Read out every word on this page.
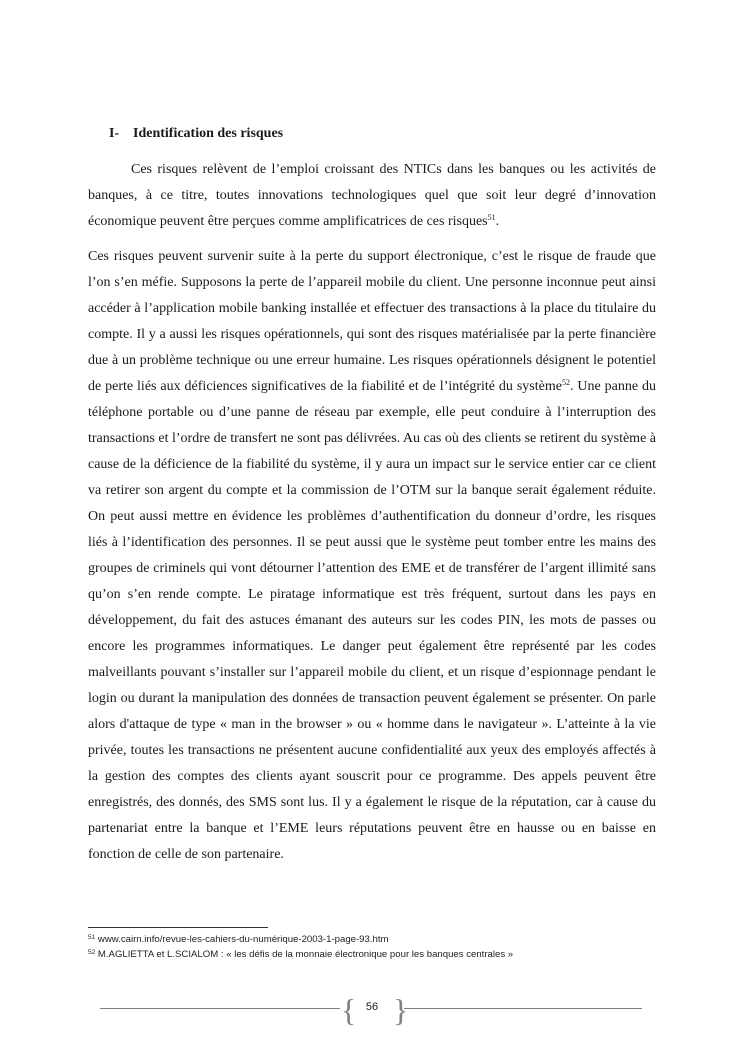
I- Identification des risques

Ces risques relèvent de l’emploi croissant des NTICs dans les banques ou les activités de banques, à ce titre, toutes innovations technologiques quel que soit leur degré d’innovation économique peuvent être perçues comme amplificatrices de ces risques$^{51}$.

Ces risques peuvent survenir suite à la perte du support électronique, c’est le risque de fraude que l’on s’en méfie. Supposons la perte de l’appareil mobile du client. Une personne inconnue peut ainsi accéder à l’application mobile banking installée et effectuer des transactions à la place du titulaire du compte. Il y a aussi les risques opérationnels, qui sont des risques matérialisée par la perte financière due à un problème technique ou une erreur humaine. Les risques opérationnels désignent le potentiel de perte liés aux déficiences significatives de la fiabilité et de l’intégrité du système$^{52}$. Une panne du téléphone portable ou d’une panne de réseau par exemple, elle peut conduire à l’interruption des transactions et l’ordre de transfert ne sont pas délivrées. Au cas où des clients se retirent du système à cause de la déficience de la fiabilité du système, il y aura un impact sur le service entier car ce client va retirer son argent du compte et la commission de l’OTM sur la banque serait également réduite. On peut aussi mettre en évidence les problèmes d’authentification du donneur d’ordre, les risques liés à l’identification des personnes. Il se peut aussi que le système peut tomber entre les mains des groupes de criminels qui vont détourner l’attention des EME et de transférer de l’argent illimité sans qu’on s’en rende compte. Le piratage informatique est très fréquent, surtout dans les pays en développement, du fait des astuces émanant des auteurs sur les codes PIN, les mots de passes ou encore les programmes informatiques. Le danger peut également être représenté par les codes malveillants pouvant s’installer sur l’appareil mobile du client, et un risque d’espionnage pendant le login ou durant la manipulation des données de transaction peuvent également se présenter. On parle alors d'attaque de type « man in the browser » ou « homme dans le navigateur ». L’atteinte à la vie privée, toutes les transactions ne présentent aucune confidentialité aux yeux des employés affectés à la gestion des comptes des clients ayant souscrit pour ce programme. Des appels peuvent être enregistrés, des donnés, des SMS sont lus. Il y a également le risque de la réputation, car à cause du partenariat entre la banque et l’EME leurs réputations peuvent être en hausse ou en baisse en fonction de celle de son partenaire.

$^{51}$ www.cairn.info/revue-les-cahiers-du-numérique-2003-1-page-93.htm
$^{52}$ M.AGLIETTA et L.SCIALOM : « les défis de la monnaie électronique pour les banques centrales »
{ 56 }
